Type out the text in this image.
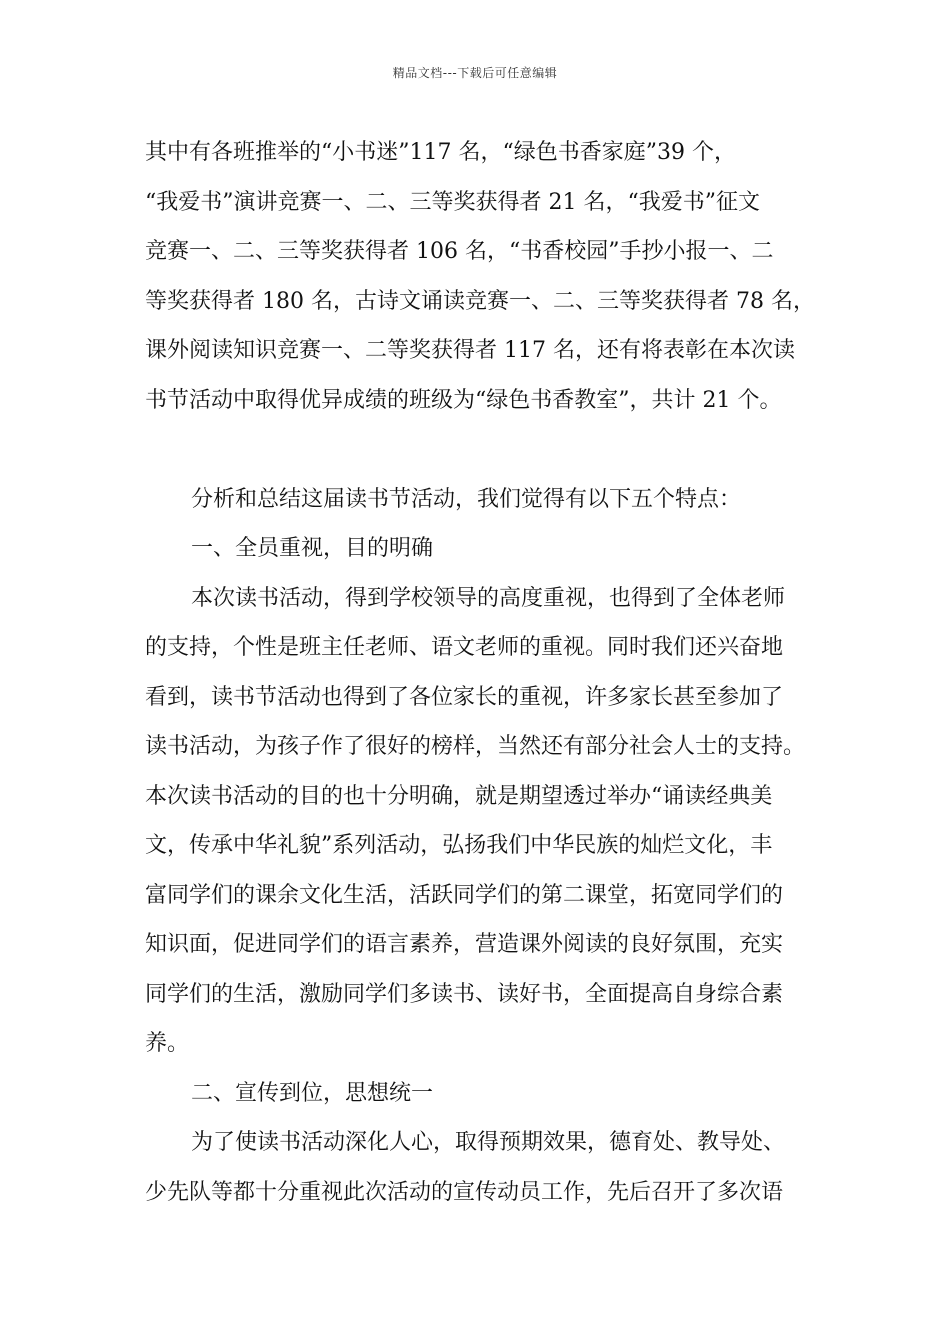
精品文档---下载后可任意编辑
其中有各班推举的“小书迷”117 名，“绿色书香家庭”39 个，
“我爱书”演讲竞赛一、二、三等奖获得者 21 名，“我爱书”征文
竞赛一、二、三等奖获得者 106 名，“书香校园”手抄小报一、二
等奖获得者 180 名，古诗文诵读竞赛一、二、三等奖获得者 78 名，
课外阅读知识竞赛一、二等奖获得者 117 名，还有将表彰在本次读
书节活动中取得优异成绩的班级为“绿色书香教室”，共计 21 个。
分析和总结这届读书节活动，我们觉得有以下五个特点：
一、全员重视，目的明确
本次读书活动，得到学校领导的高度重视，也得到了全体老师
的支持，个性是班主任老师、语文老师的重视。同时我们还兴奋地
看到，读书节活动也得到了各位家长的重视，许多家长甚至参加了
读书活动，为孩子作了很好的榜样，当然还有部分社会人士的支持。
本次读书活动的目的也十分明确，就是期望透过举办“诵读经典美
文，传承中华礼貌”系列活动，弘扬我们中华民族的灿烂文化，丰
富同学们的课余文化生活，活跃同学们的第二课堂，拓宽同学们的
知识面，促进同学们的语言素养，营造课外阅读的良好氛围，充实
同学们的生活，激励同学们多读书、读好书，全面提高自身综合素
养。
二、宣传到位，思想统一
为了使读书活动深化人心，取得预期效果，德育处、教导处、
少先队等都十分重视此次活动的宣传动员工作，先后召开了多次语
